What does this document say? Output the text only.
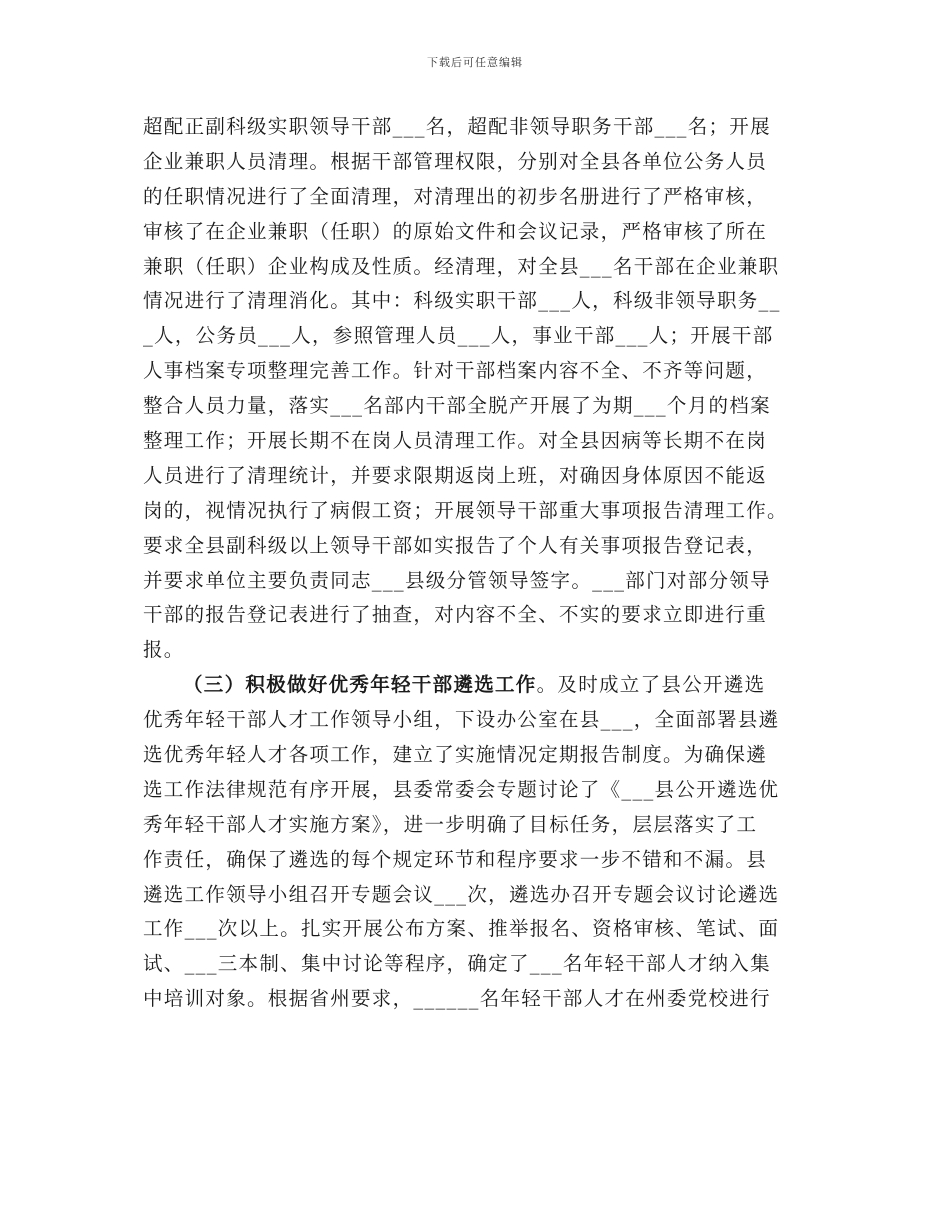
下载后可任意编辑
超配正副科级实职领导干部___名，超配非领导职务干部___名；开展
企业兼职人员清理。根据干部管理权限，分别对全县各单位公务人员
的任职情况进行了全面清理，对清理出的初步名册进行了严格审核，
审核了在企业兼职（任职）的原始文件和会议记录，严格审核了所在
兼职（任职）企业构成及性质。经清理，对全县___名干部在企业兼职
情况进行了清理消化。其中：科级实职干部___人，科级非领导职务__
_人，公务员___人，参照管理人员___人，事业干部___人；开展干部
人事档案专项整理完善工作。针对干部档案内容不全、不齐等问题，
整合人员力量，落实___名部内干部全脱产开展了为期___个月的档案
整理工作；开展长期不在岗人员清理工作。对全县因病等长期不在岗
人员进行了清理统计，并要求限期返岗上班，对确因身体原因不能返
岗的，视情况执行了病假工资；开展领导干部重大事项报告清理工作。
要求全县副科级以上领导干部如实报告了个人有关事项报告登记表，
并要求单位主要负责同志___县级分管领导签字。___部门对部分领导
干部的报告登记表进行了抽查，对内容不全、不实的要求立即进行重
报。
（三）积极做好优秀年轻干部遴选工作。及时成立了县公开遴选
优秀年轻干部人才工作领导小组，下设办公室在县___，全面部署县遴
选优秀年轻人才各项工作，建立了实施情况定期报告制度。为确保遴
选工作法律规范有序开展，县委常委会专题讨论了《___县公开遴选优
秀年轻干部人才实施方案》，进一步明确了目标任务，层层落实了工
作责任，确保了遴选的每个规定环节和程序要求一步不错和不漏。县
遴选工作领导小组召开专题会议___次，遴选办召开专题会议讨论遴选
工作___次以上。扎实开展公布方案、推举报名、资格审核、笔试、面
试、___三本制、集中讨论等程序，确定了___名年轻干部人才纳入集
中培训对象。根据省州要求，______名年轻干部人才在州委党校进行
